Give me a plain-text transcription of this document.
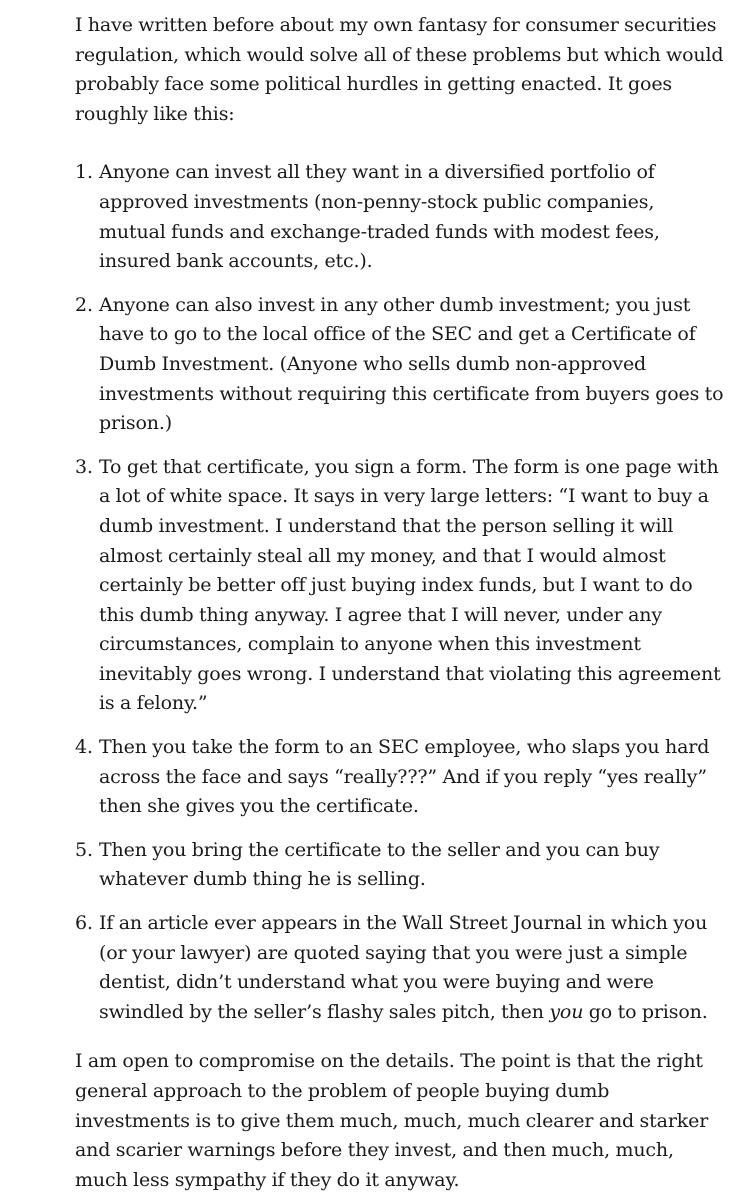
I have written before about my own fantasy for consumer securities regulation, which would solve all of these problems but which would probably face some political hurdles in getting enacted. It goes roughly like this:

1. Anyone can invest all they want in a diversified portfolio of approved investments (non-penny-stock public companies, mutual funds and exchange-traded funds with modest fees, insured bank accounts, etc.).
2. Anyone can also invest in any other dumb investment; you just have to go to the local office of the SEC and get a Certificate of Dumb Investment. (Anyone who sells dumb non-approved investments without requiring this certificate from buyers goes to prison.)
3. To get that certificate, you sign a form. The form is one page with a lot of white space. It says in very large letters: “I want to buy a dumb investment. I understand that the person selling it will almost certainly steal all my money, and that I would almost certainly be better off just buying index funds, but I want to do this dumb thing anyway. I agree that I will never, under any circumstances, complain to anyone when this investment inevitably goes wrong. I understand that violating this agreement is a felony.”
4. Then you take the form to an SEC employee, who slaps you hard across the face and says “really???” And if you reply “yes really” then she gives you the certificate.
5. Then you bring the certificate to the seller and you can buy whatever dumb thing he is selling.
6. If an article ever appears in the Wall Street Journal in which you (or your lawyer) are quoted saying that you were just a simple dentist, didn’t understand what you were buying and were swindled by the seller’s flashy sales pitch, then you go to prison.

I am open to compromise on the details. The point is that the right general approach to the problem of people buying dumb investments is to give them much, much, much clearer and starker and scarier warnings before they invest, and then much, much, much less sympathy if they do it anyway.
